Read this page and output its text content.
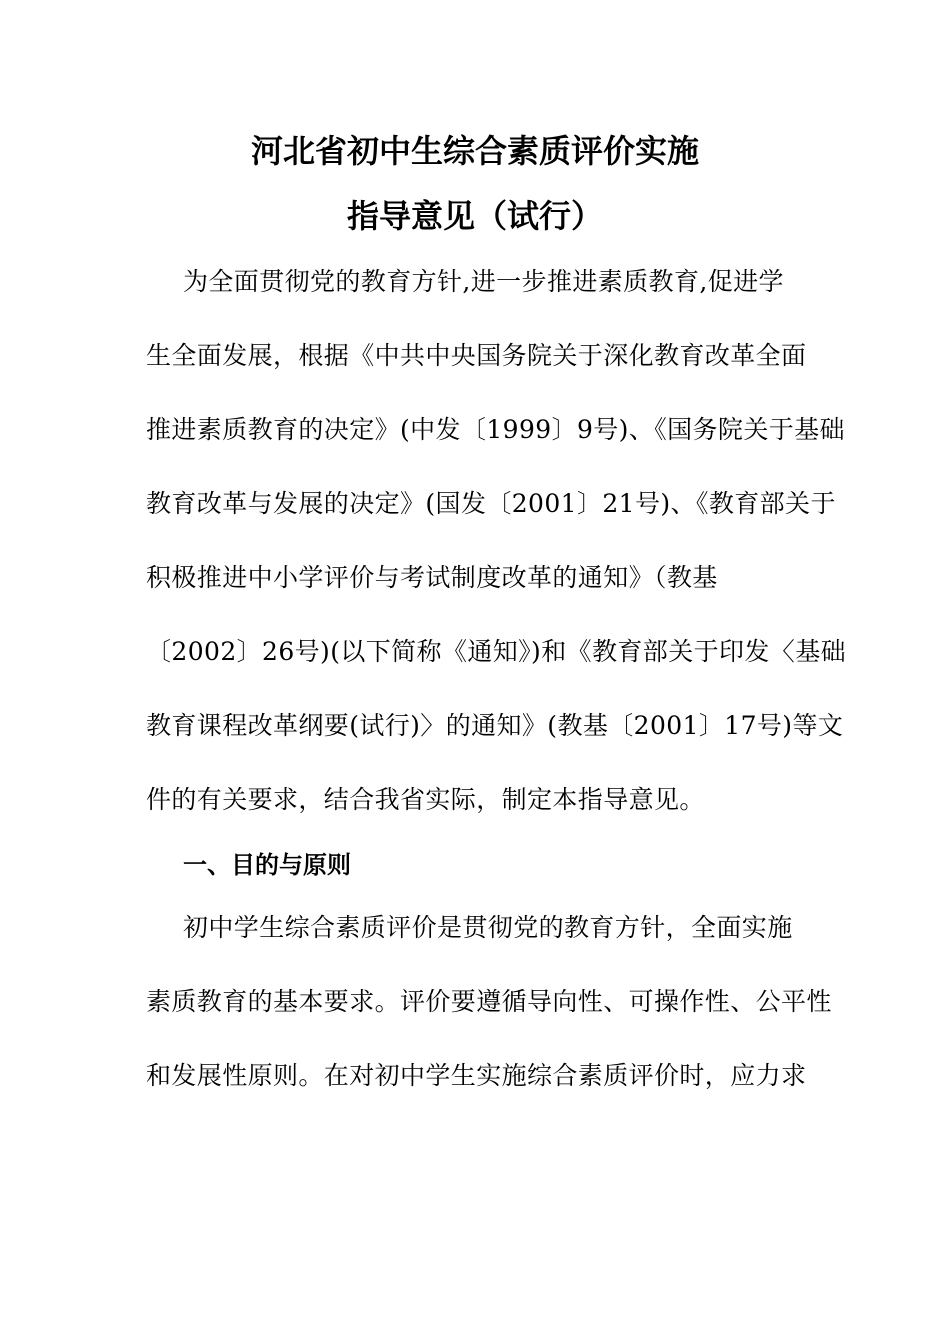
河北省初中生综合素质评价实施
指导意见（试行）
为全面贯彻党的教育方针,进一步推进素质教育,促进学
生全面发展，根据《中共中央国务院关于深化教育改革全面
推进素质教育的决定》(中发〔1999〕9号)、《国务院关于基础
教育改革与发展的决定》(国发〔2001〕21号)、《教育部关于
积极推进中小学评价与考试制度改革的通知》（教基
〔2002〕26号)(以下简称《通知》)和《教育部关于印发〈基础
教育课程改革纲要(试行)〉的通知》(教基〔2001〕17号)等文
件的有关要求，结合我省实际，制定本指导意见。
一、目的与原则
初中学生综合素质评价是贯彻党的教育方针，全面实施
素质教育的基本要求。评价要遵循导向性、可操作性、公平性
和发展性原则。在对初中学生实施综合素质评价时，应力求
